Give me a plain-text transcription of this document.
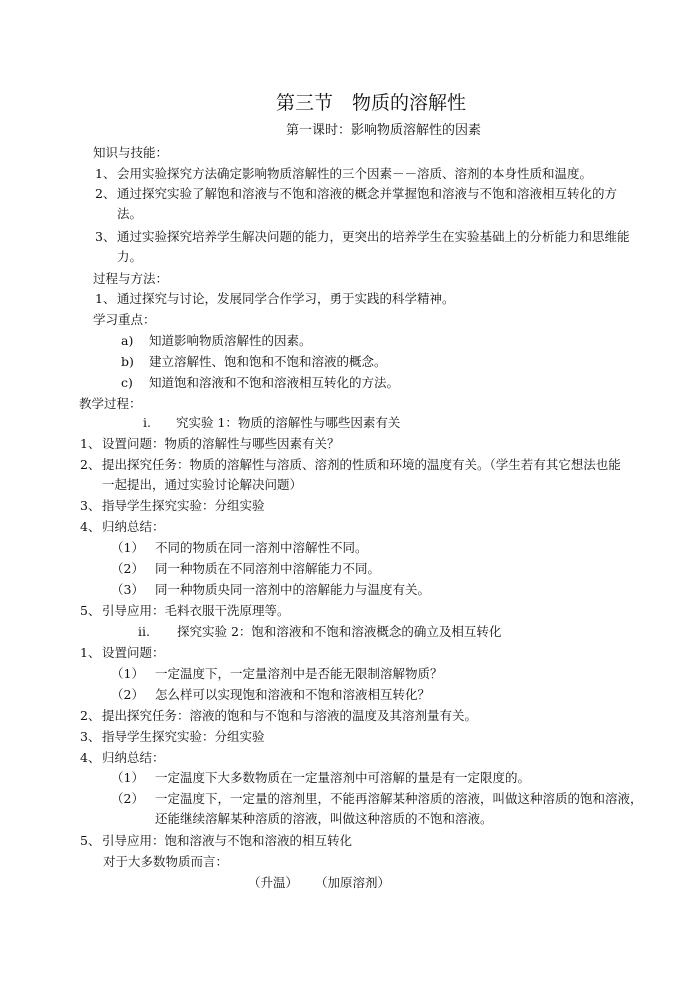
第三节　物质的溶解性
第一课时：影响物质溶解性的因素
知识与技能：
1、 会用实验探究方法确定影响物质溶解性的三个因素－－溶质、溶剂的本身性质和温度。
2、 通过探究实验了解饱和溶液与不饱和溶液的概念并掌握饱和溶液与不饱和溶液相互转化的方
法。
3、 通过实验探究培养学生解决问题的能力，更突出的培养学生在实验基础上的分析能力和思维能
力。
过程与方法：
1、 通过探究与讨论，发展同学合作学习，勇于实践的科学精神。
学习重点：
a) 知道影响物质溶解性的因素。
b) 建立溶解性、饱和饱和不饱和溶液的概念。
c) 知道饱和溶液和不饱和溶液相互转化的方法。
教学过程：
i. 究实验 1：物质的溶解性与哪些因素有关
1、 设置问题：物质的溶解性与哪些因素有关？
2、 提出探究任务：物质的溶解性与溶质、溶剂的性质和环境的温度有关。（学生若有其它想法也能
一起提出，通过实验讨论解决问题）
3、 指导学生探究实验：分组实验
4、 归纳总结：
（1） 不同的物质在同一溶剂中溶解性不同。
（2） 同一种物质在不同溶剂中溶解能力不同。
（3） 同一种物质央同一溶剂中的溶解能力与温度有关。
5、 引导应用：毛料衣服干洗原理等。
ii. 探究实验 2：饱和溶液和不饱和溶液概念的确立及相互转化
1、 设置问题：
（1） 一定温度下，一定量溶剂中是否能无限制溶解物质？
（2） 怎么样可以实现饱和溶液和不饱和溶液相互转化？
2、 提出探究任务：溶液的饱和与不饱和与溶液的温度及其溶剂量有关。
3、 指导学生探究实验：分组实验
4、 归纳总结：
（1） 一定温度下大多数物质在一定量溶剂中可溶解的量是有一定限度的。
（2） 一定温度下，一定量的溶剂里，不能再溶解某种溶质的溶液，叫做这种溶质的饱和溶液，
还能继续溶解某种溶质的溶液，叫做这种溶质的不饱和溶液。
5、 引导应用：饱和溶液与不饱和溶液的相互转化
对于大多数物质而言：
（升温） （加原溶剂）
